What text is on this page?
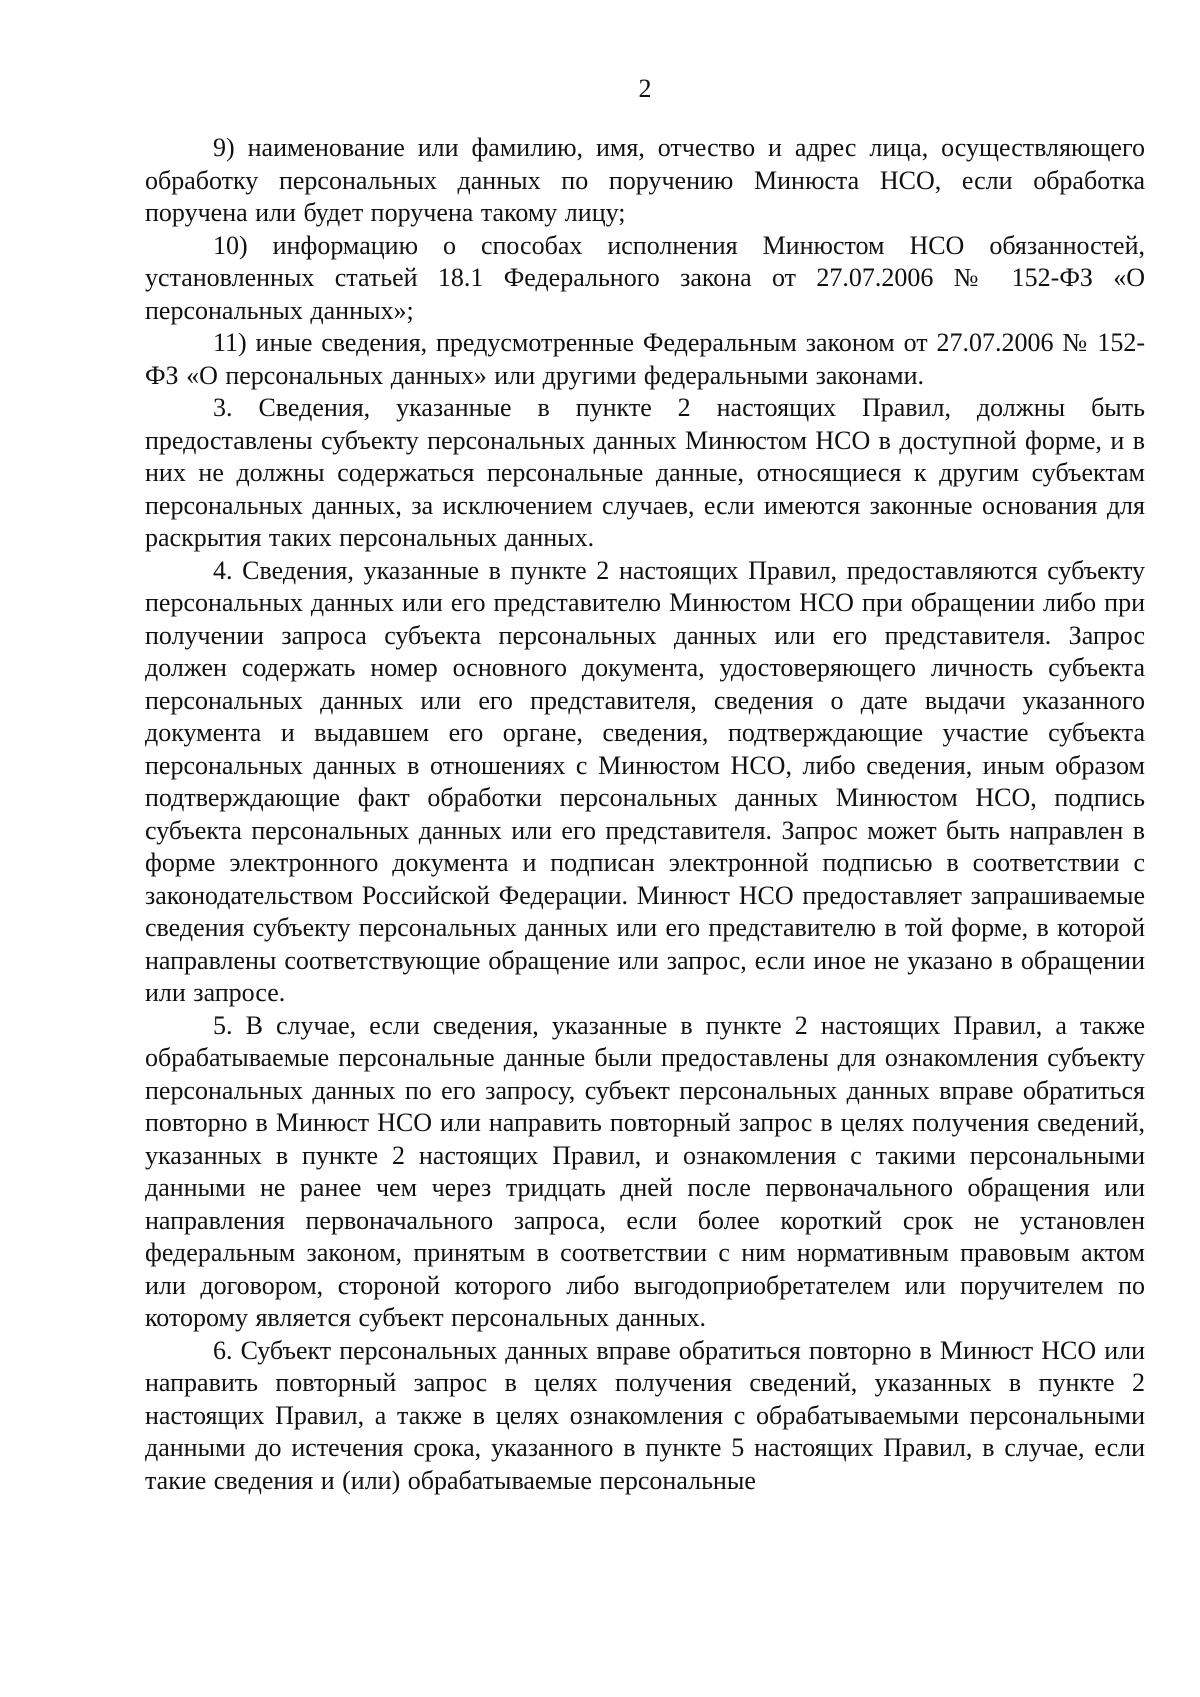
2

9) наименование или фамилию, имя, отчество и адрес лица, осуществляющего обработку персональных данных по поручению Минюста НСО, если обработка поручена или будет поручена такому лицу;

10) информацию о способах исполнения Минюстом НСО обязанностей, установленных статьей 18.1 Федерального закона от 27.07.2006 № 152-ФЗ «О персональных данных»;

11) иные сведения, предусмотренные Федеральным законом от 27.07.2006 № 152-ФЗ «О персональных данных» или другими федеральными законами.

3. Сведения, указанные в пункте 2 настоящих Правил, должны быть предоставлены субъекту персональных данных Минюстом НСО в доступной форме, и в них не должны содержаться персональные данные, относящиеся к другим субъектам персональных данных, за исключением случаев, если имеются законные основания для раскрытия таких персональных данных.

4. Сведения, указанные в пункте 2 настоящих Правил, предоставляются субъекту персональных данных или его представителю Минюстом НСО при обращении либо при получении запроса субъекта персональных данных или его представителя. Запрос должен содержать номер основного документа, удостоверяющего личность субъекта персональных данных или его представителя, сведения о дате выдачи указанного документа и выдавшем его органе, сведения, подтверждающие участие субъекта персональных данных в отношениях с Минюстом НСО, либо сведения, иным образом подтверждающие факт обработки персональных данных Минюстом НСО, подпись субъекта персональных данных или его представителя. Запрос может быть направлен в форме электронного документа и подписан электронной подписью в соответствии с законодательством Российской Федерации. Минюст НСО предоставляет запрашиваемые сведения субъекту персональных данных или его представителю в той форме, в которой направлены соответствующие обращение или запрос, если иное не указано в обращении или запросе.

5. В случае, если сведения, указанные в пункте 2 настоящих Правил, а также обрабатываемые персональные данные были предоставлены для ознакомления субъекту персональных данных по его запросу, субъект персональных данных вправе обратиться повторно в Минюст НСО или направить повторный запрос в целях получения сведений, указанных в пункте 2 настоящих Правил, и ознакомления с такими персональными данными не ранее чем через тридцать дней после первоначального обращения или направления первоначального запроса, если более короткий срок не установлен федеральным законом, принятым в соответствии с ним нормативным правовым актом или договором, стороной которого либо выгодоприобретателем или поручителем по которому является субъект персональных данных.

6. Субъект персональных данных вправе обратиться повторно в Минюст НСО или направить повторный запрос в целях получения сведений, указанных в пункте 2 настоящих Правил, а также в целях ознакомления с обрабатываемыми персональными данными до истечения срока, указанного в пункте 5 настоящих Правил, в случае, если такие сведения и (или) обрабатываемые персональные
